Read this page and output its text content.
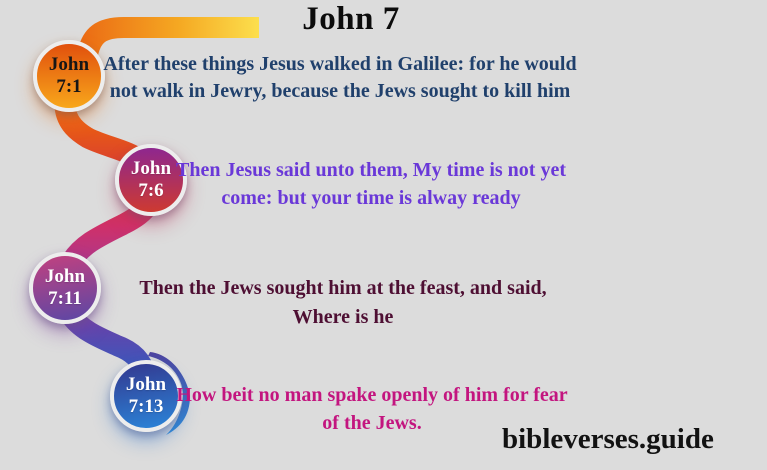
John 7
John
7:1
After these things Jesus walked in Galilee: for he would
not walk in Jewry, because the Jews sought to kill him
John
7:6
Then Jesus said unto them, My time is not yet
come: but your time is alway ready
John
7:11	Then the Jews sought him at the feast, and said,
Where is he
John
7:13
How beit no man spake openly of him for fear
of the Jews.	bibleverses.guide
